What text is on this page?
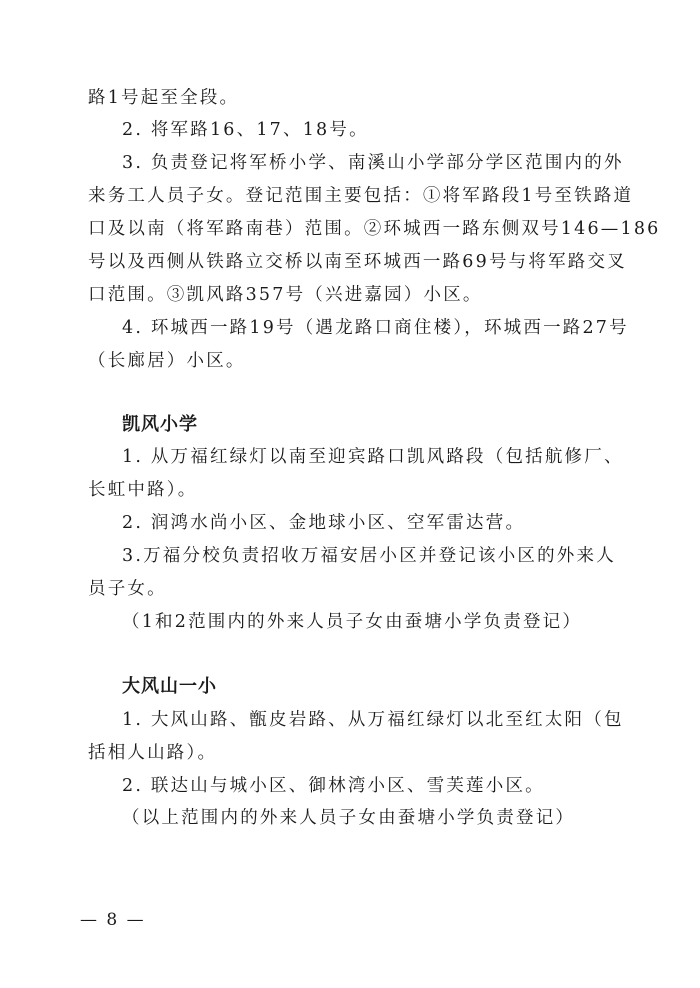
路1号起至全段。
2. 将军路16、17、18号。
3. 负责登记将军桥小学、南溪山小学部分学区范围内的外
来务工人员子女。登记范围主要包括：①将军路段1号至铁路道
口及以南（将军路南巷）范围。②环城西一路东侧双号146—186
号以及西侧从铁路立交桥以南至环城西一路69号与将军路交叉
口范围。③凯风路357号（兴进嘉园）小区。
4. 环城西一路19号（遇龙路口商住楼），环城西一路27号
（长廊居）小区。
凯风小学
1. 从万福红绿灯以南至迎宾路口凯风路段（包括航修厂、
长虹中路）。
2. 润鸿水尚小区、金地球小区、空军雷达营。
3.万福分校负责招收万福安居小区并登记该小区的外来人
员子女。
（1和2范围内的外来人员子女由蚕塘小学负责登记）
大风山一小
1. 大风山路、甑皮岩路、从万福红绿灯以北至红太阳（包
括相人山路）。
2. 联达山与城小区、御林湾小区、雪芙莲小区。
（以上范围内的外来人员子女由蚕塘小学负责登记）
— 8 —
